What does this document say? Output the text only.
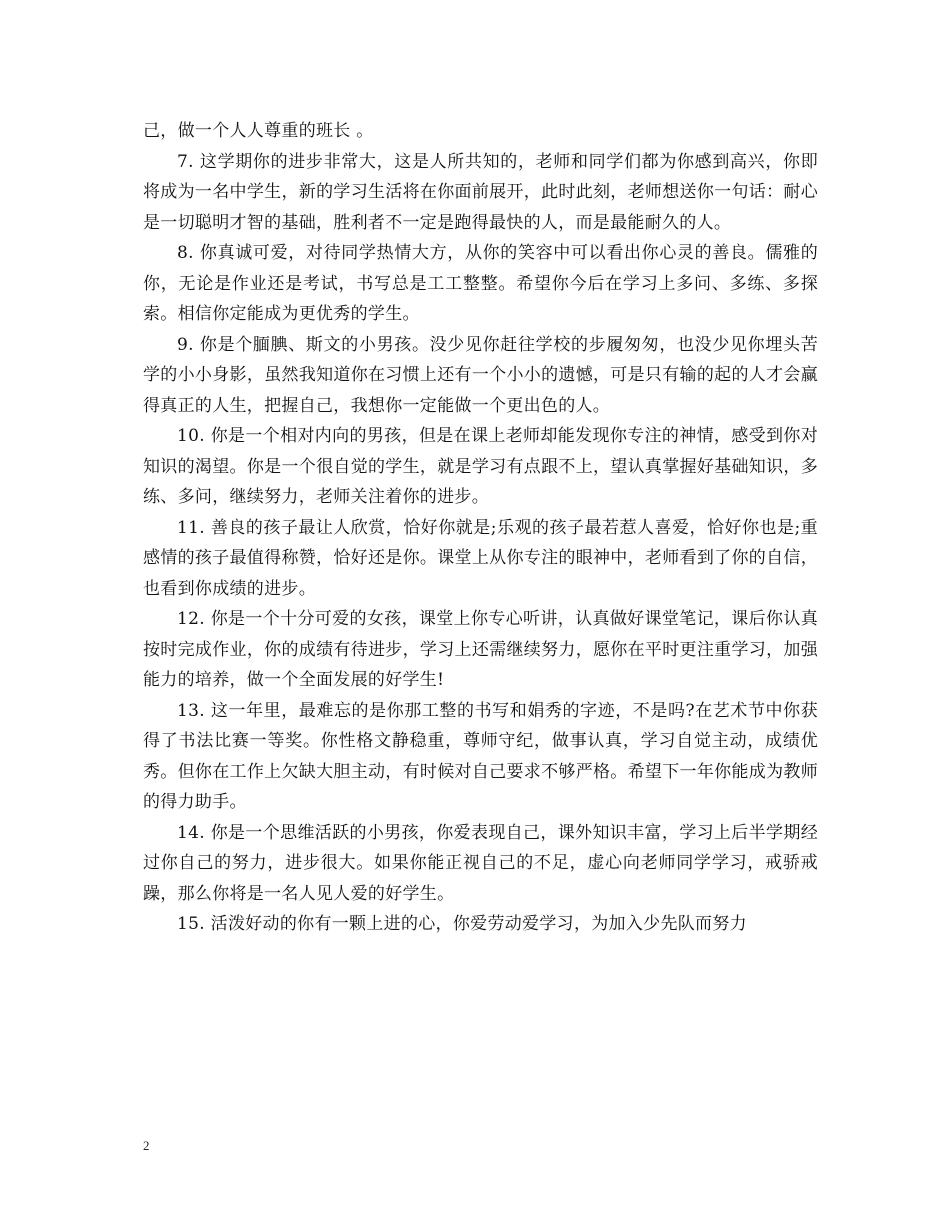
己，做一个人人尊重的班长 。

7. 这学期你的进步非常大，这是人所共知的，老师和同学们都为你感到高兴，你即将成为一名中学生，新的学习生活将在你面前展开，此时此刻，老师想送你一句话：耐心是一切聪明才智的基础，胜利者不一定是跑得最快的人，而是最能耐久的人。

8. 你真诚可爱，对待同学热情大方，从你的笑容中可以看出你心灵的善良。儒雅的你，无论是作业还是考试，书写总是工工整整。希望你今后在学习上多问、多练、多探索。相信你定能成为更优秀的学生。

9. 你是个腼腆、斯文的小男孩。没少见你赶往学校的步履匆匆，也没少见你埋头苦学的小小身影，虽然我知道你在习惯上还有一个小小的遗憾，可是只有输的起的人才会赢得真正的人生，把握自己，我想你一定能做一个更出色的人。

10. 你是一个相对内向的男孩，但是在课上老师却能发现你专注的神情，感受到你对知识的渴望。你是一个很自觉的学生，就是学习有点跟不上，望认真掌握好基础知识，多练、多问，继续努力，老师关注着你的进步。

11. 善良的孩子最让人欣赏，恰好你就是;乐观的孩子最若惹人喜爱，恰好你也是;重感情的孩子最值得称赞，恰好还是你。课堂上从你专注的眼神中，老师看到了你的自信，也看到你成绩的进步。

12. 你是一个十分可爱的女孩，课堂上你专心听讲，认真做好课堂笔记，课后你认真按时完成作业，你的成绩有待进步，学习上还需继续努力，愿你在平时更注重学习，加强能力的培养，做一个全面发展的好学生!

13. 这一年里，最难忘的是你那工整的书写和娟秀的字迹，不是吗?在艺术节中你获得了书法比赛一等奖。你性格文静稳重，尊师守纪，做事认真，学习自觉主动，成绩优秀。但你在工作上欠缺大胆主动，有时候对自己要求不够严格。希望下一年你能成为教师的得力助手。

14. 你是一个思维活跃的小男孩，你爱表现自己，课外知识丰富，学习上后半学期经过你自己的努力，进步很大。如果你能正视自己的不足，虚心向老师同学学习，戒骄戒躁，那么你将是一名人见人爱的好学生。

15. 活泼好动的你有一颗上进的心，你爱劳动爱学习，为加入少先队而努力

2
